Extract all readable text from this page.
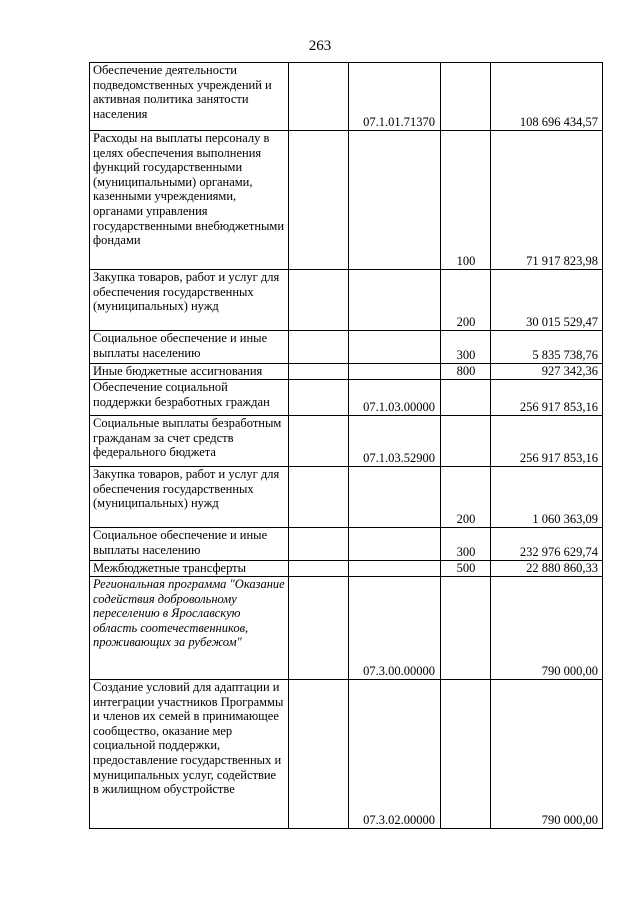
263
Обеспечение деятельности подведомственных учреждений и активная политика занятости населения		07.1.01.71370		108 696 434,57
Расходы на выплаты персоналу в целях обеспечения выполнения функций государственными (муниципальными) органами, казенными учреждениями, органами управления государственными внебюджетными фондами			100	71 917 823,98
Закупка товаров, работ и услуг для обеспечения государственных (муниципальных) нужд			200	30 015 529,47
Социальное обеспечение и иные выплаты населению			300	5 835 738,76
Иные бюджетные ассигнования			800	927 342,36
Обеспечение социальной поддержки безработных граждан		07.1.03.00000		256 917 853,16
Социальные выплаты безработным гражданам за счет средств федерального бюджета		07.1.03.52900		256 917 853,16
Закупка товаров, работ и услуг для обеспечения государственных (муниципальных) нужд			200	1 060 363,09
Социальное обеспечение и иные выплаты населению			300	232 976 629,74
Межбюджетные трансферты			500	22 880 860,33
Региональная программа "Оказание содействия добровольному переселению в Ярославскую область соотечественников, проживающих за рубежом"		07.3.00.00000		790 000,00
Создание условий для адаптации и интеграции участников Программы и членов их семей в принимающее сообщество, оказание мер социальной поддержки, предоставление государственных и муниципальных услуг, содействие в жилищном обустройстве		07.3.02.00000		790 000,00
